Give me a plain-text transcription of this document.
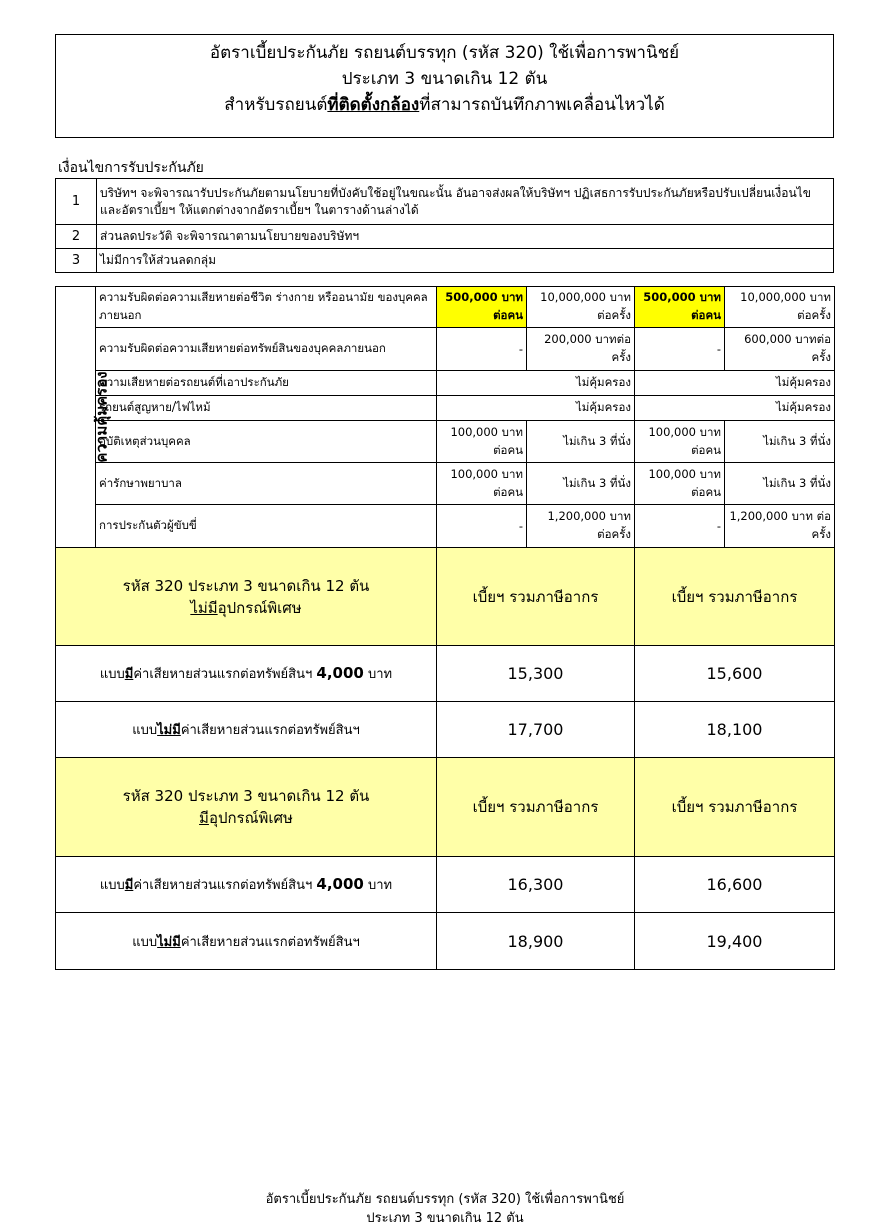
อัตราเบี้ยประกันภัย รถยนต์บรรทุก (รหัส 320) ใช้เพื่อการพานิชย์
ประเภท 3 ขนาดเกิน 12 ตัน
สำหรับรถยนต์ที่ติดตั้งกล้องที่สามารถบันทึกภาพเคลื่อนไหวได้
เงื่อนไขการรับประกันภัย
1	บริษัทฯ จะพิจารณารับประกันภัยตามนโยบายที่บังคับใช้อยู่ในขณะนั้น อันอาจส่งผลให้บริษัทฯ ปฏิเสธการรับประกันภัยหรือปรับเปลี่ยนเงื่อนไขและอัตราเบี้ยฯ ให้แตกต่างจากอัตราเบี้ยฯ ในตารางด้านล่างได้
2	ส่วนลดประวัติ จะพิจารณาตามนโยบายของบริษัทฯ
3	ไม่มีการให้ส่วนลดกลุ่ม
ความคุ้มครอง	ความรับผิดต่อความเสียหายต่อชีวิต ร่างกาย หรืออนามัย ของบุคคลภายนอก	500,000 บาท ต่อคน	10,000,000 บาท ต่อครั้ง	500,000 บาท ต่อคน	10,000,000 บาท ต่อครั้ง
	ความรับผิดต่อความเสียหายต่อทรัพย์สินของบุคคลภายนอก	-	200,000 บาทต่อครั้ง	-	600,000 บาทต่อครั้ง
	ความเสียหายต่อรถยนต์ที่เอาประกันภัย	ไม่คุ้มครอง		ไม่คุ้มครอง	
	รถยนต์สูญหาย/ไฟไหม้	ไม่คุ้มครอง		ไม่คุ้มครอง	
	อุบัติเหตุส่วนบุคคล	100,000 บาท ต่อคน	ไม่เกิน 3 ที่นั่ง	100,000 บาท ต่อคน	ไม่เกิน 3 ที่นั่ง
	ค่ารักษาพยาบาล	100,000 บาท ต่อคน	ไม่เกิน 3 ที่นั่ง	100,000 บาท ต่อคน	ไม่เกิน 3 ที่นั่ง
	การประกันตัวผู้ขับขี่	-	1,200,000 บาท ต่อครั้ง	-	1,200,000 บาท ต่อครั้ง
รหัส 320 ประเภท 3 ขนาดเกิน 12 ตัน
ไม่มีอุปกรณ์พิเศษ	เบี้ยฯ รวมภาษีอากร	เบี้ยฯ รวมภาษีอากร
แบบมีค่าเสียหายส่วนแรกต่อทรัพย์สินฯ 4,000 บาท	15,300	15,600
แบบไม่มีค่าเสียหายส่วนแรกต่อทรัพย์สินฯ	17,700	18,100
รหัส 320 ประเภท 3 ขนาดเกิน 12 ตัน
มีอุปกรณ์พิเศษ	เบี้ยฯ รวมภาษีอากร	เบี้ยฯ รวมภาษีอากร
แบบมีค่าเสียหายส่วนแรกต่อทรัพย์สินฯ 4,000 บาท	16,300	16,600
แบบไม่มีค่าเสียหายส่วนแรกต่อทรัพย์สินฯ	18,900	19,400
อัตราเบี้ยประกันภัย รถยนต์บรรทุก (รหัส 320) ใช้เพื่อการพานิชย์
ประเภท 3 ขนาดเกิน 12 ตัน
